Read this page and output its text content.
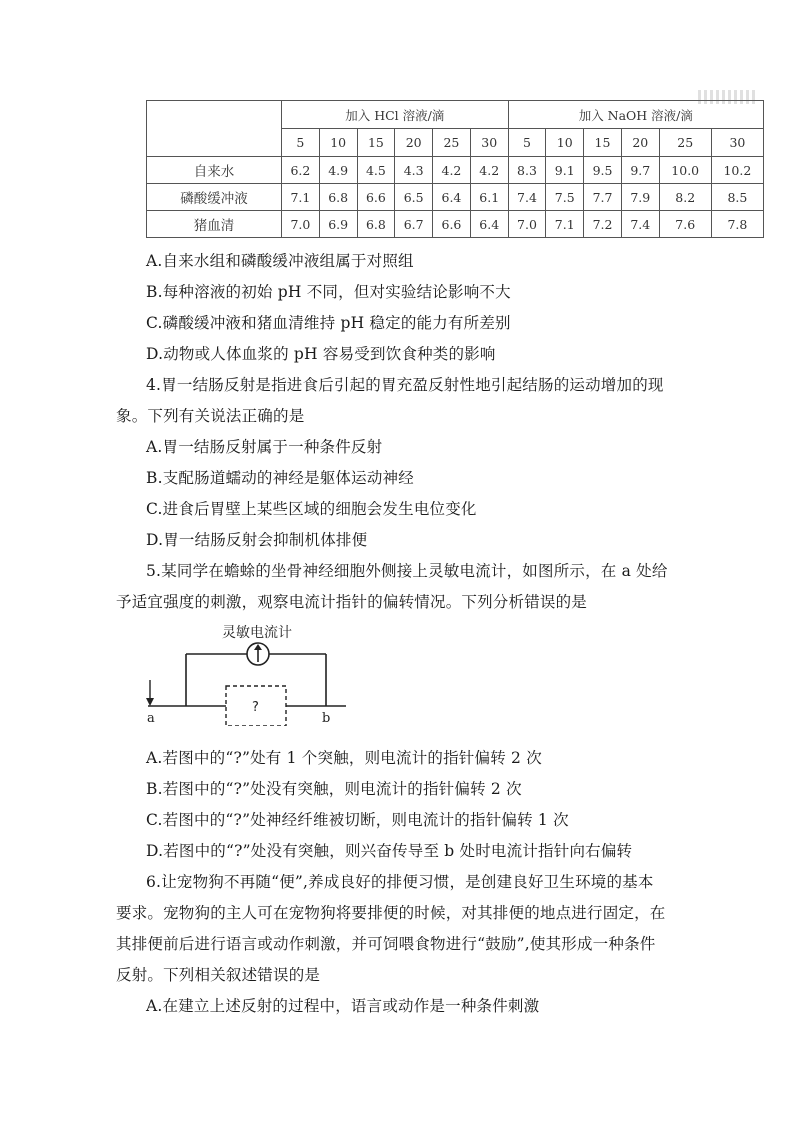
	加入 HCl 溶液/滴						加入 NaOH 溶液/滴					
	5	10	15	20	25	30	5	10	15	20	25	30
自来水	6.2	4.9	4.5	4.3	4.2	4.2	8.3	9.1	9.5	9.7	10.0	10.2
磷酸缓冲液	7.1	6.8	6.6	6.5	6.4	6.1	7.4	7.5	7.7	7.9	8.2	8.5
猪血清	7.0	6.9	6.8	6.7	6.6	6.4	7.0	7.1	7.2	7.4	7.6	7.8
A.自来水组和磷酸缓冲液组属于对照组
B.每种溶液的初始 pH 不同，但对实验结论影响不大
C.磷酸缓冲液和猪血清维持 pH 稳定的能力有所差别
D.动物或人体血浆的 pH 容易受到饮食种类的影响
4.胃一结肠反射是指进食后引起的胃充盈反射性地引起结肠的运动增加的现
象。下列有关说法正确的是
A.胃一结肠反射属于一种条件反射
B.支配肠道蠕动的神经是躯体运动神经
C.进食后胃壁上某些区域的细胞会发生电位变化
D.胃一结肠反射会抑制机体排便
5.某同学在蟾蜍的坐骨神经细胞外侧接上灵敏电流计，如图所示，在 a 处给
予适宜强度的刺激，观察电流计指针的偏转情况。下列分析错误的是
灵敏电流计
?
a	b
A.若图中的“?”处有 1 个突触，则电流计的指针偏转 2 次
B.若图中的“?”处没有突触，则电流计的指针偏转 2 次
C.若图中的“?”处神经纤维被切断，则电流计的指针偏转 1 次
D.若图中的“?”处没有突触，则兴奋传导至 b 处时电流计指针向右偏转
6.让宠物狗不再随“便”,养成良好的排便习惯，是创建良好卫生环境的基本
要求。宠物狗的主人可在宠物狗将要排便的时候，对其排便的地点进行固定，在
其排便前后进行语言或动作刺激，并可饲喂食物进行“鼓励”,使其形成一种条件
反射。下列相关叙述错误的是
A.在建立上述反射的过程中，语言或动作是一种条件刺激
